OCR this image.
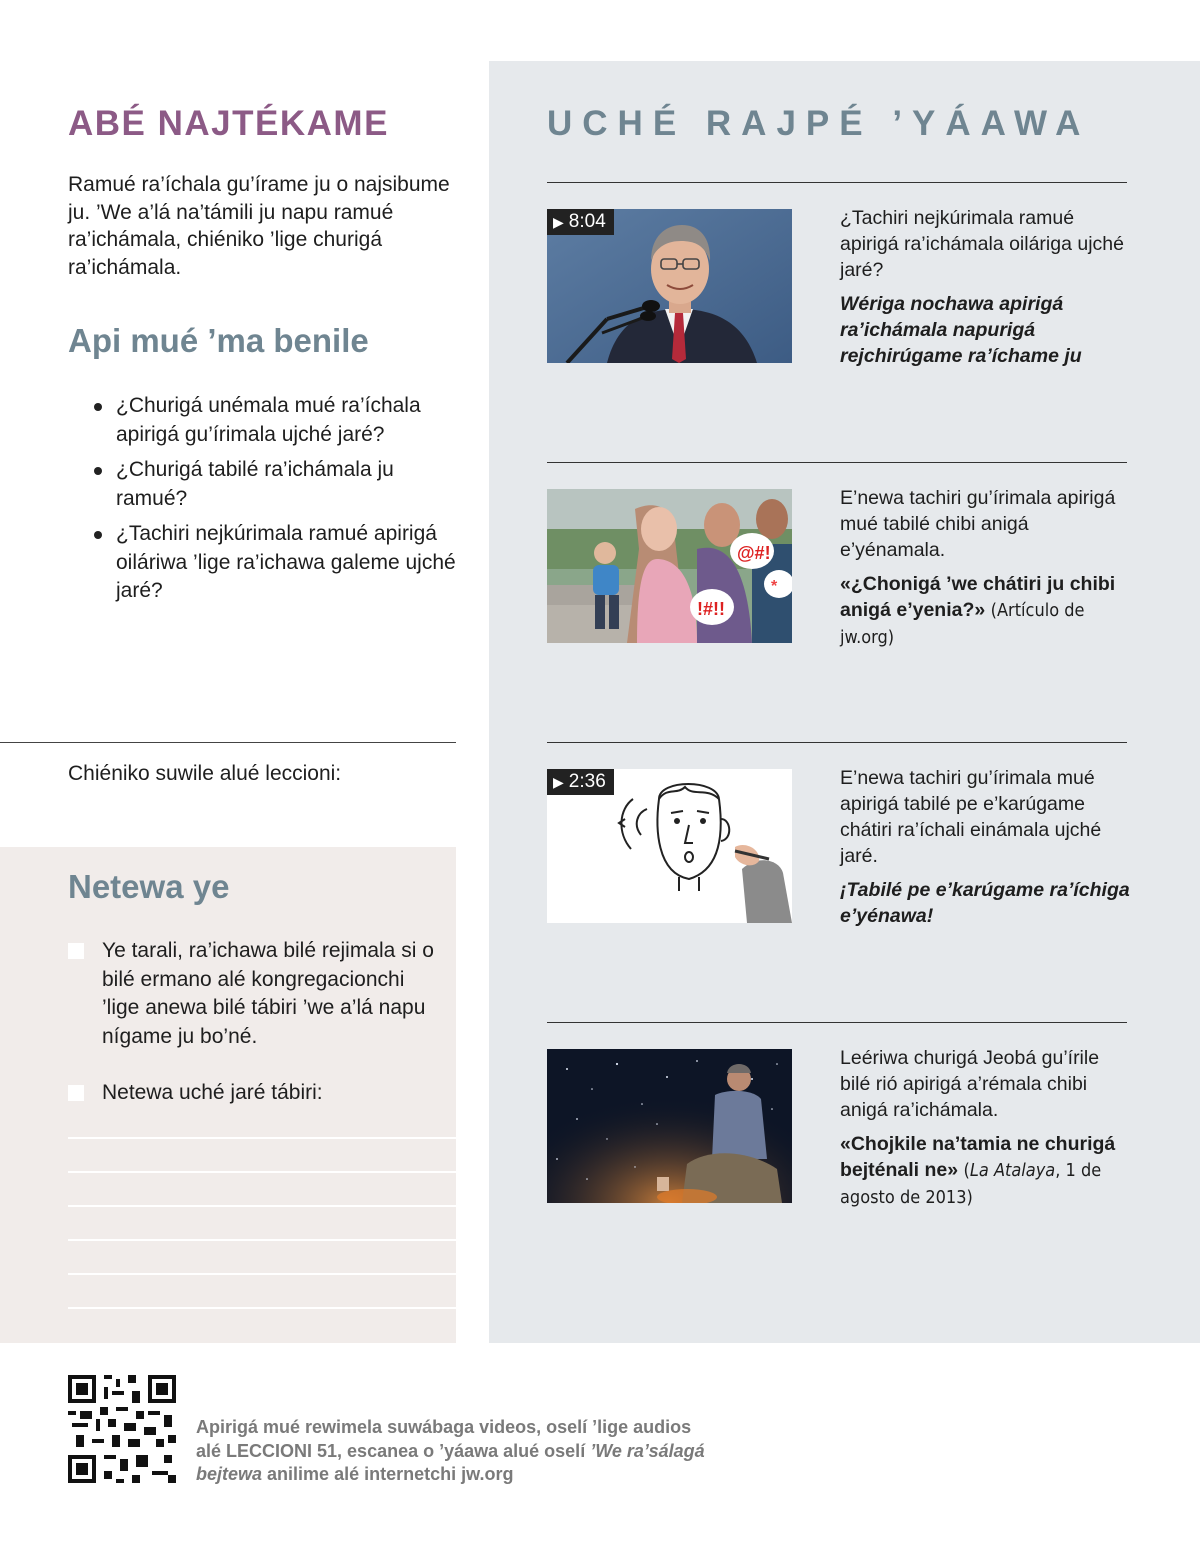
ABÉ NAJTÉKAME
Ramué ra’íchala gu’írame ju o najsibume ju. ’We a’lá na’támili ju napu ramué ra’ichámala, chiéniko ’lige churigá ra’ichámala.
Api mué ’ma benile
¿Churigá unémala mué ra’íchala apirigá gu’írimala ujché jaré?
¿Churigá tabilé ra’ichámala ju ramué?
¿Tachiri nejkúrimala ramué apirigá oiláriwa ’lige ra’ichawa galeme ujché jaré?
Chiéniko suwile alué leccioni:
Netewa ye
Ye tarali, ra’ichawa bilé rejimala si o bilé ermano alé kongregacionchi ’lige anewa bilé tábiri ’we a’lá napu nígame ju bo’né.
Netewa uché jaré tábiri:
UCHÉ RAJPÉ ’YÁAWA
▶ 8:04	¿Tachiri nejkúrimala ramué apirigá ra’ichámala oiláriga ujché jaré?
Wériga nochawa apirigá ra’ichámala napurigá rejchirúgame ra’íchame ju
@#!
!#!!
*
E’newa tachiri gu’írimala apirigá mué tabilé chibi anigá e’yénamala.
«¿Chonigá ’we chátiri ju chibi anigá e’yenia?» (Artículo de jw.org)
▶ 2:36	E’newa tachiri gu’írimala mué apirigá tabilé pe e’karúgame chátiri ra’íchali einámala ujché jaré.
¡Tabilé pe e’karúgame ra’íchiga e’yénawa!
Leériwa churigá Jeobá gu’írile bilé rió apirigá a’rémala chibi anigá ra’ichámala.
«Chojkile na’tamia ne churigá bejténali ne» (La Atalaya, 1 de agosto de 2013)
Apirigá mué rewimela suwábaga videos, oselí ’lige audios alé LECCIONI 51, escanea o ’yáawa alué oselí ’We ra’sálagá bejtewa anilime alé internetchi jw.org
